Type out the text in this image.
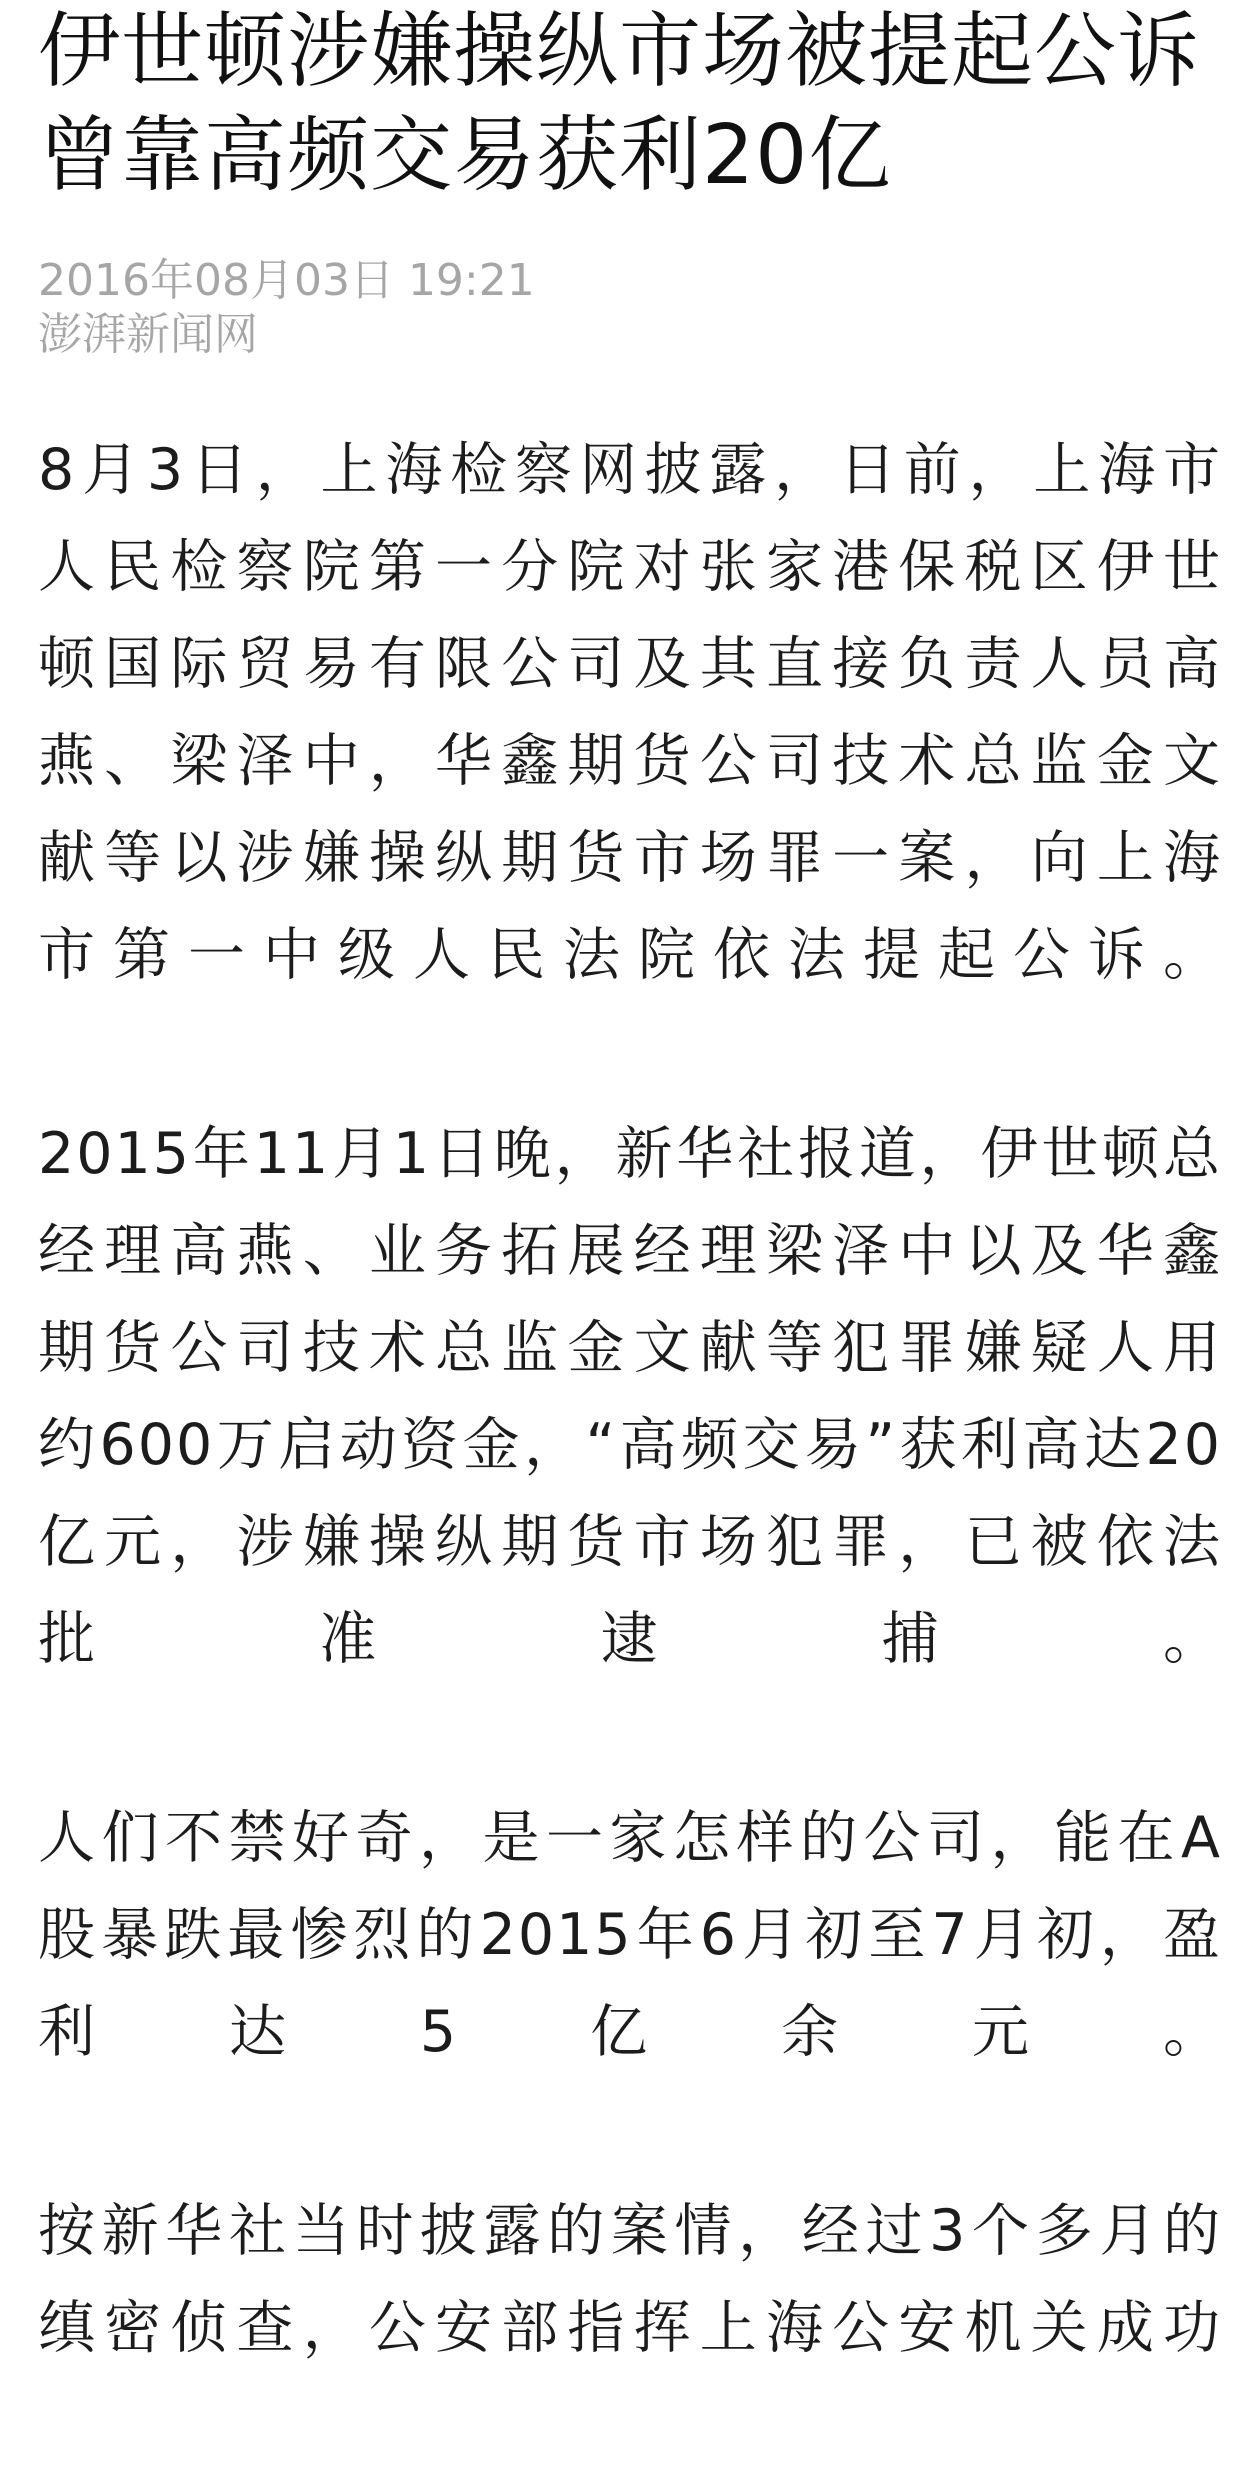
伊世顿涉嫌操纵市场被提起公诉
曾靠高频交易获利20亿
2016年08月03日 19:21
澎湃新闻网

8月3日，上海检察网披露，日前，上海市
人民检察院第一分院对张家港保税区伊世
顿国际贸易有限公司及其直接负责人员高
燕、梁泽中，华鑫期货公司技术总监金文
献等以涉嫌操纵期货市场罪一案，向上海
市第一中级人民法院依法提起公诉。

2015年11月1日晚，新华社报道，伊世顿总
经理高燕、业务拓展经理梁泽中以及华鑫
期货公司技术总监金文献等犯罪嫌疑人用
约600万启动资金，“高频交易”获利高达20
亿元，涉嫌操纵期货市场犯罪，已被依法
批准逮捕。

人们不禁好奇，是一家怎样的公司，能在A
股暴跌最惨烈的2015年6月初至7月初，盈
利达5亿余元。

按新华社当时披露的案情，经过3个多月的
缜密侦查，公安部指挥上海公安机关成功
